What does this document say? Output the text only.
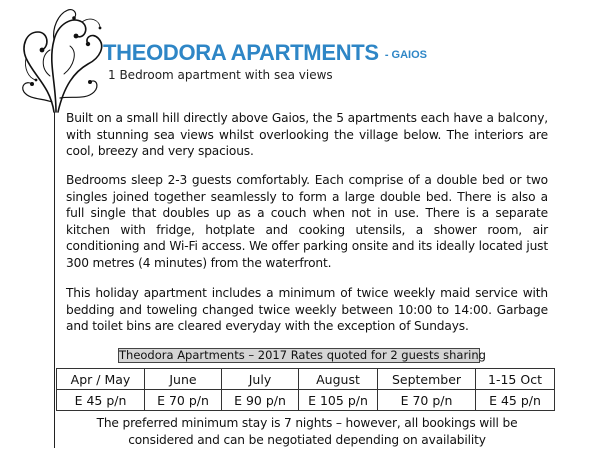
THEODORA APARTMENTS - GAIOS
1 Bedroom apartment with sea views

Built on a small hill directly above Gaios, the 5 apartments each have a balcony, with stunning sea views whilst overlooking the village below. The interiors are cool, breezy and very spacious.

Bedrooms sleep 2-3 guests comfortably. Each comprise of a double bed or two singles joined together seamlessly to form a large double bed. There is also a full single that doubles up as a couch when not in use. There is a separate kitchen with fridge, hotplate and cooking utensils, a shower room, air conditioning and Wi-Fi access. We offer parking onsite and its ideally located just 300 metres (4 minutes) from the waterfront.

This holiday apartment includes a minimum of twice weekly maid service with bedding and toweling changed twice weekly between 10:00 to 14:00. Garbage and toilet bins are cleared everyday with the exception of Sundays.

Theodora Apartments – 2017 Rates quoted for 2 guests sharing
Apr / May	June	July	August	September	1-15 Oct
E 45 p/n	E 70 p/n	E 90 p/n	E 105 p/n	E 70 p/n	E 45 p/n

The preferred minimum stay is 7 nights – however, all bookings will be considered and can be negotiated depending on availability
